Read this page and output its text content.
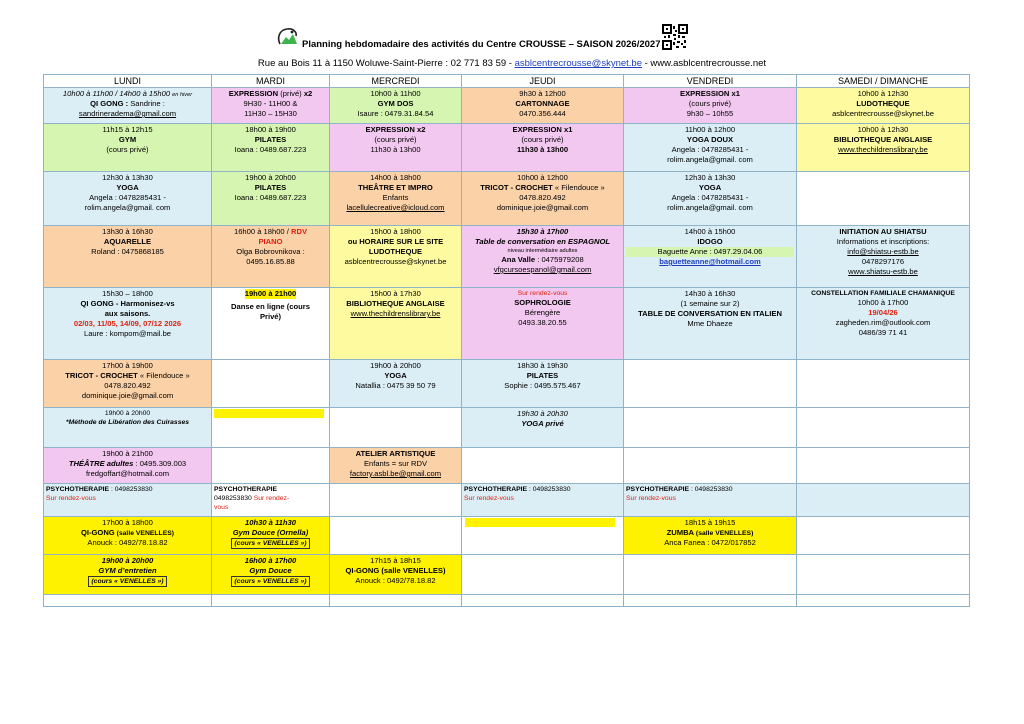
Planning hebdomadaire des activités du Centre CROUSSE – SAISON 2026/2027
Rue au Bois 11 à 1150 Woluwe-Saint-Pierre : 02 771 83 59 - asblcentrecrousse@skynet.be - www.asblcentrecrousse.net
LUNDI	MARDI	MERCREDI	JEUDI	VENDREDI	SAMEDI / DIMANCHE

10h00 à 11h00 / 14h00 à 15h00 en hiver
QI GONG : Sandrine :
sandrineradema@gmail.com	EXPRESSION (privé) x2
9H30 - 11H00 &
11H30 – 15H30	10h00 à 11h00
GYM DOS
Isaure : 0479.31.84.54	9h30 à 12h00
CARTONNAGE
0470.356.444	EXPRESSION x1
(cours privé)
9h30 – 10h55	10h00 à 12h30
LUDOTHEQUE
asblcentrecrousse@skynet.be

11h15 à 12h15
GYM
(cours privé)	18h00 à 19h00
PILATES
Ioana : 0489.687.223	EXPRESSION x2
(cours privé)
11h30 à 13h00	EXPRESSION x1
(cours privé)
11h30 à 13h00	11h00 à 12h00
YOGA DOUX
Angela : 0478285431 -
rolim.angela@gmail. com	10h00 à 12h30
BIBLIOTHEQUE ANGLAISE
www.thechildrenslibrary.be

12h30 à 13h30
YOGA
Angela : 0478285431 -
rolim.angela@gmail. com	19h00 à 20h00
PILATES
Ioana : 0489.687.223	14h00 à 18h00
THEÂTRE ET IMPRO
Enfants
lacellulecreative@icloud.com	10h00 à 12h00
TRICOT - CROCHET « Filendouce »
0478.820.492
dominique.joie@gmail.com	12h30 à 13h30
YOGA
Angela : 0478285431 -
rolim.angela@gmail. com	

13h30 à 16h30
AQUARELLE
Roland : 0475868185	16h00 à 18h00 / RDV
PIANO
Olga Bobrovnikova :
0495.16.85.88	15h00 à 18h00
ou HORAIRE SUR LE SITE
LUDOTHEQUE
asblcentrecrousse@skynet.be	15h30 à 17h00
Table de conversation en ESPAGNOL
niveau intermédiaire adultes
Ana Valle : 0475979208
vfgcursoespanol@gmail.com	14h00 à 15h00
IDOGO
Baguette Anne : 0497.29.04.06
baguetteanne@hotmail.com	INITIATION AU SHIATSU
Informations et inscriptions:
info@shiatsu-estb.be
0478297176
www.shiatsu-estb.be

15h30 – 18h00
QI GONG - Harmonisez-vs
aux saisons.
02/03, 11/05, 14/09, 07/12 2026
Laure : kompom@mail.be	19h00 à 21h00
Danse en ligne (cours
Privé)	15h00 à 17h30
BIBLIOTHEQUE ANGLAISE
www.thechildrenslibrary.be	Sur rendez-vous
SOPHROLOGIE
Bérengère
0493.38.20.55	14h30 à 16h30
(1 semaine sur 2)
TABLE DE CONVERSATION EN ITALIEN
Mme Dhaeze	CONSTELLATION FAMILIALE CHAMANIQUE
10h00 à 17h00
19/04/26
zagheden.rim@outlook.com
0486/39 71 41

17h00 à 19h00
TRICOT - CROCHET « Filendouce »
0478.820.492
dominique.joie@gmail.com		19h00 à 20h00
YOGA
Natallia : 0475 39 50 79	18h30 à 19h30
PILATES
Sophie : 0495.575.467		

19h00 à 20h00
*Méthode de Libération des Cuirasses			19h30 à 20h30
YOGA privé		

19h00 à 21h00
THÉÂTRE adultes : 0495.309.003
fredgoffart@hotmail.com		ATELIER ARTISTIQUE
Enfants = sur RDV
factory.asbl.be@gmail.com			

PSYCHOTHERAPIE : 0498253830
Sur rendez-vous	PSYCHOTHERAPIE
0498253830 Sur rendez-
vous		PSYCHOTHERAPIE : 0498253830
Sur rendez-vous	PSYCHOTHERAPIE : 0498253830
Sur rendez-vous	

17h00 à 18h00
QI-GONG (salle VENELLES)
Anouck : 0492/78.18.82	10h30 à 11h30
Gym Douce (Ornella)
(cours « VENELLES »)			18h15 à 19h15
ZUMBA (salle VENELLES)
Anca Fanea : 0472/017852	

19h00 à 20h00
GYM d’entretien
(cours « VENELLES »)	16h00 à 17h00
Gym Douce
(cours » VENELLES »)	17h15 à 18h15
QI-GONG (salle VENELLES)
Anouck : 0492/78.18.82			
